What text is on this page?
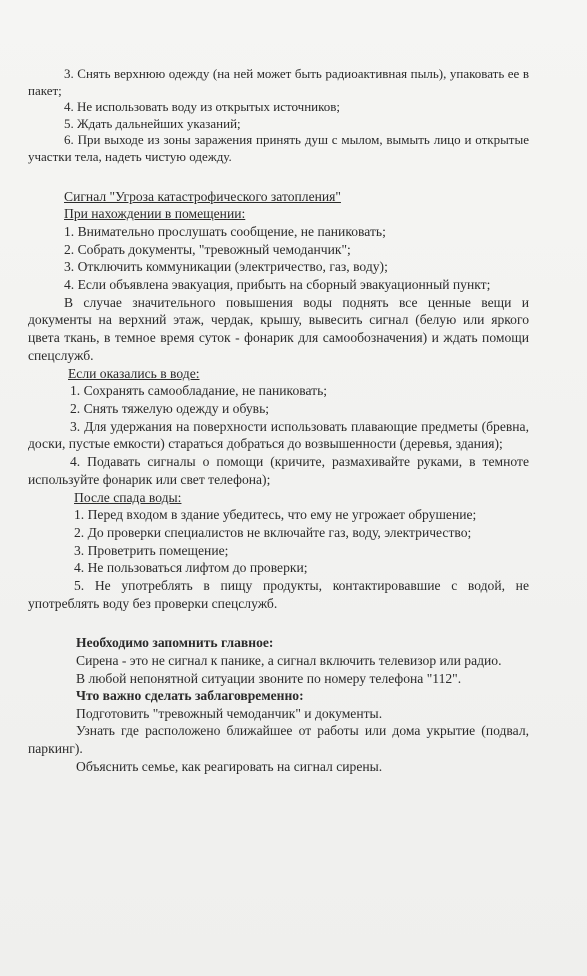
3. Снять верхнюю одежду (на ней может быть радиоактивная пыль), упаковать ее в пакет;

4. Не использовать воду из открытых источников;

5. Ждать дальнейших указаний;

6. При выходе из зоны заражения принять душ с мылом, вымыть лицо и открытые участки тела, надеть чистую одежду.

Сигнал "Угроза катастрофического затопления"

При нахождении в помещении:

1. Внимательно прослушать сообщение, не паниковать;

2. Собрать документы, "тревожный чемоданчик";

3. Отключить коммуникации (электричество, газ, воду);

4. Если объявлена эвакуация, прибыть на сборный эвакуационный пункт;

В случае значительного повышения воды поднять все ценные вещи и документы на верхний этаж, чердак, крышу, вывесить сигнал (белую или яркого цвета ткань, в темное время суток - фонарик для самообозначения) и ждать помощи спецслужб.

Если оказались в воде:

1. Сохранять самообладание, не паниковать;

2. Снять тяжелую одежду и обувь;

3. Для удержания на поверхности использовать плавающие предметы (бревна, доски, пустые емкости) стараться добраться до возвышенности (деревья, здания);

4. Подавать сигналы о помощи (кричите, размахивайте руками, в темноте используйте фонарик или свет телефона);

После спада воды:

1. Перед входом в здание убедитесь, что ему не угрожает обрушение;

2. До проверки специалистов не включайте газ, воду, электричество;

3. Проветрить помещение;

4. Не пользоваться лифтом до проверки;

5. Не употреблять в пищу продукты, контактировавшие с водой, не употреблять воду без проверки спецслужб.

Необходимо запомнить главное:

Сирена - это не сигнал к панике, а сигнал включить телевизор или радио.

В любой непонятной ситуации звоните по номеру телефона "112".

Что важно сделать заблаговременно:

Подготовить "тревожный чемоданчик" и документы.

Узнать где расположено ближайшее от работы или дома укрытие (подвал, паркинг).

Объяснить семье, как реагировать на сигнал сирены.
